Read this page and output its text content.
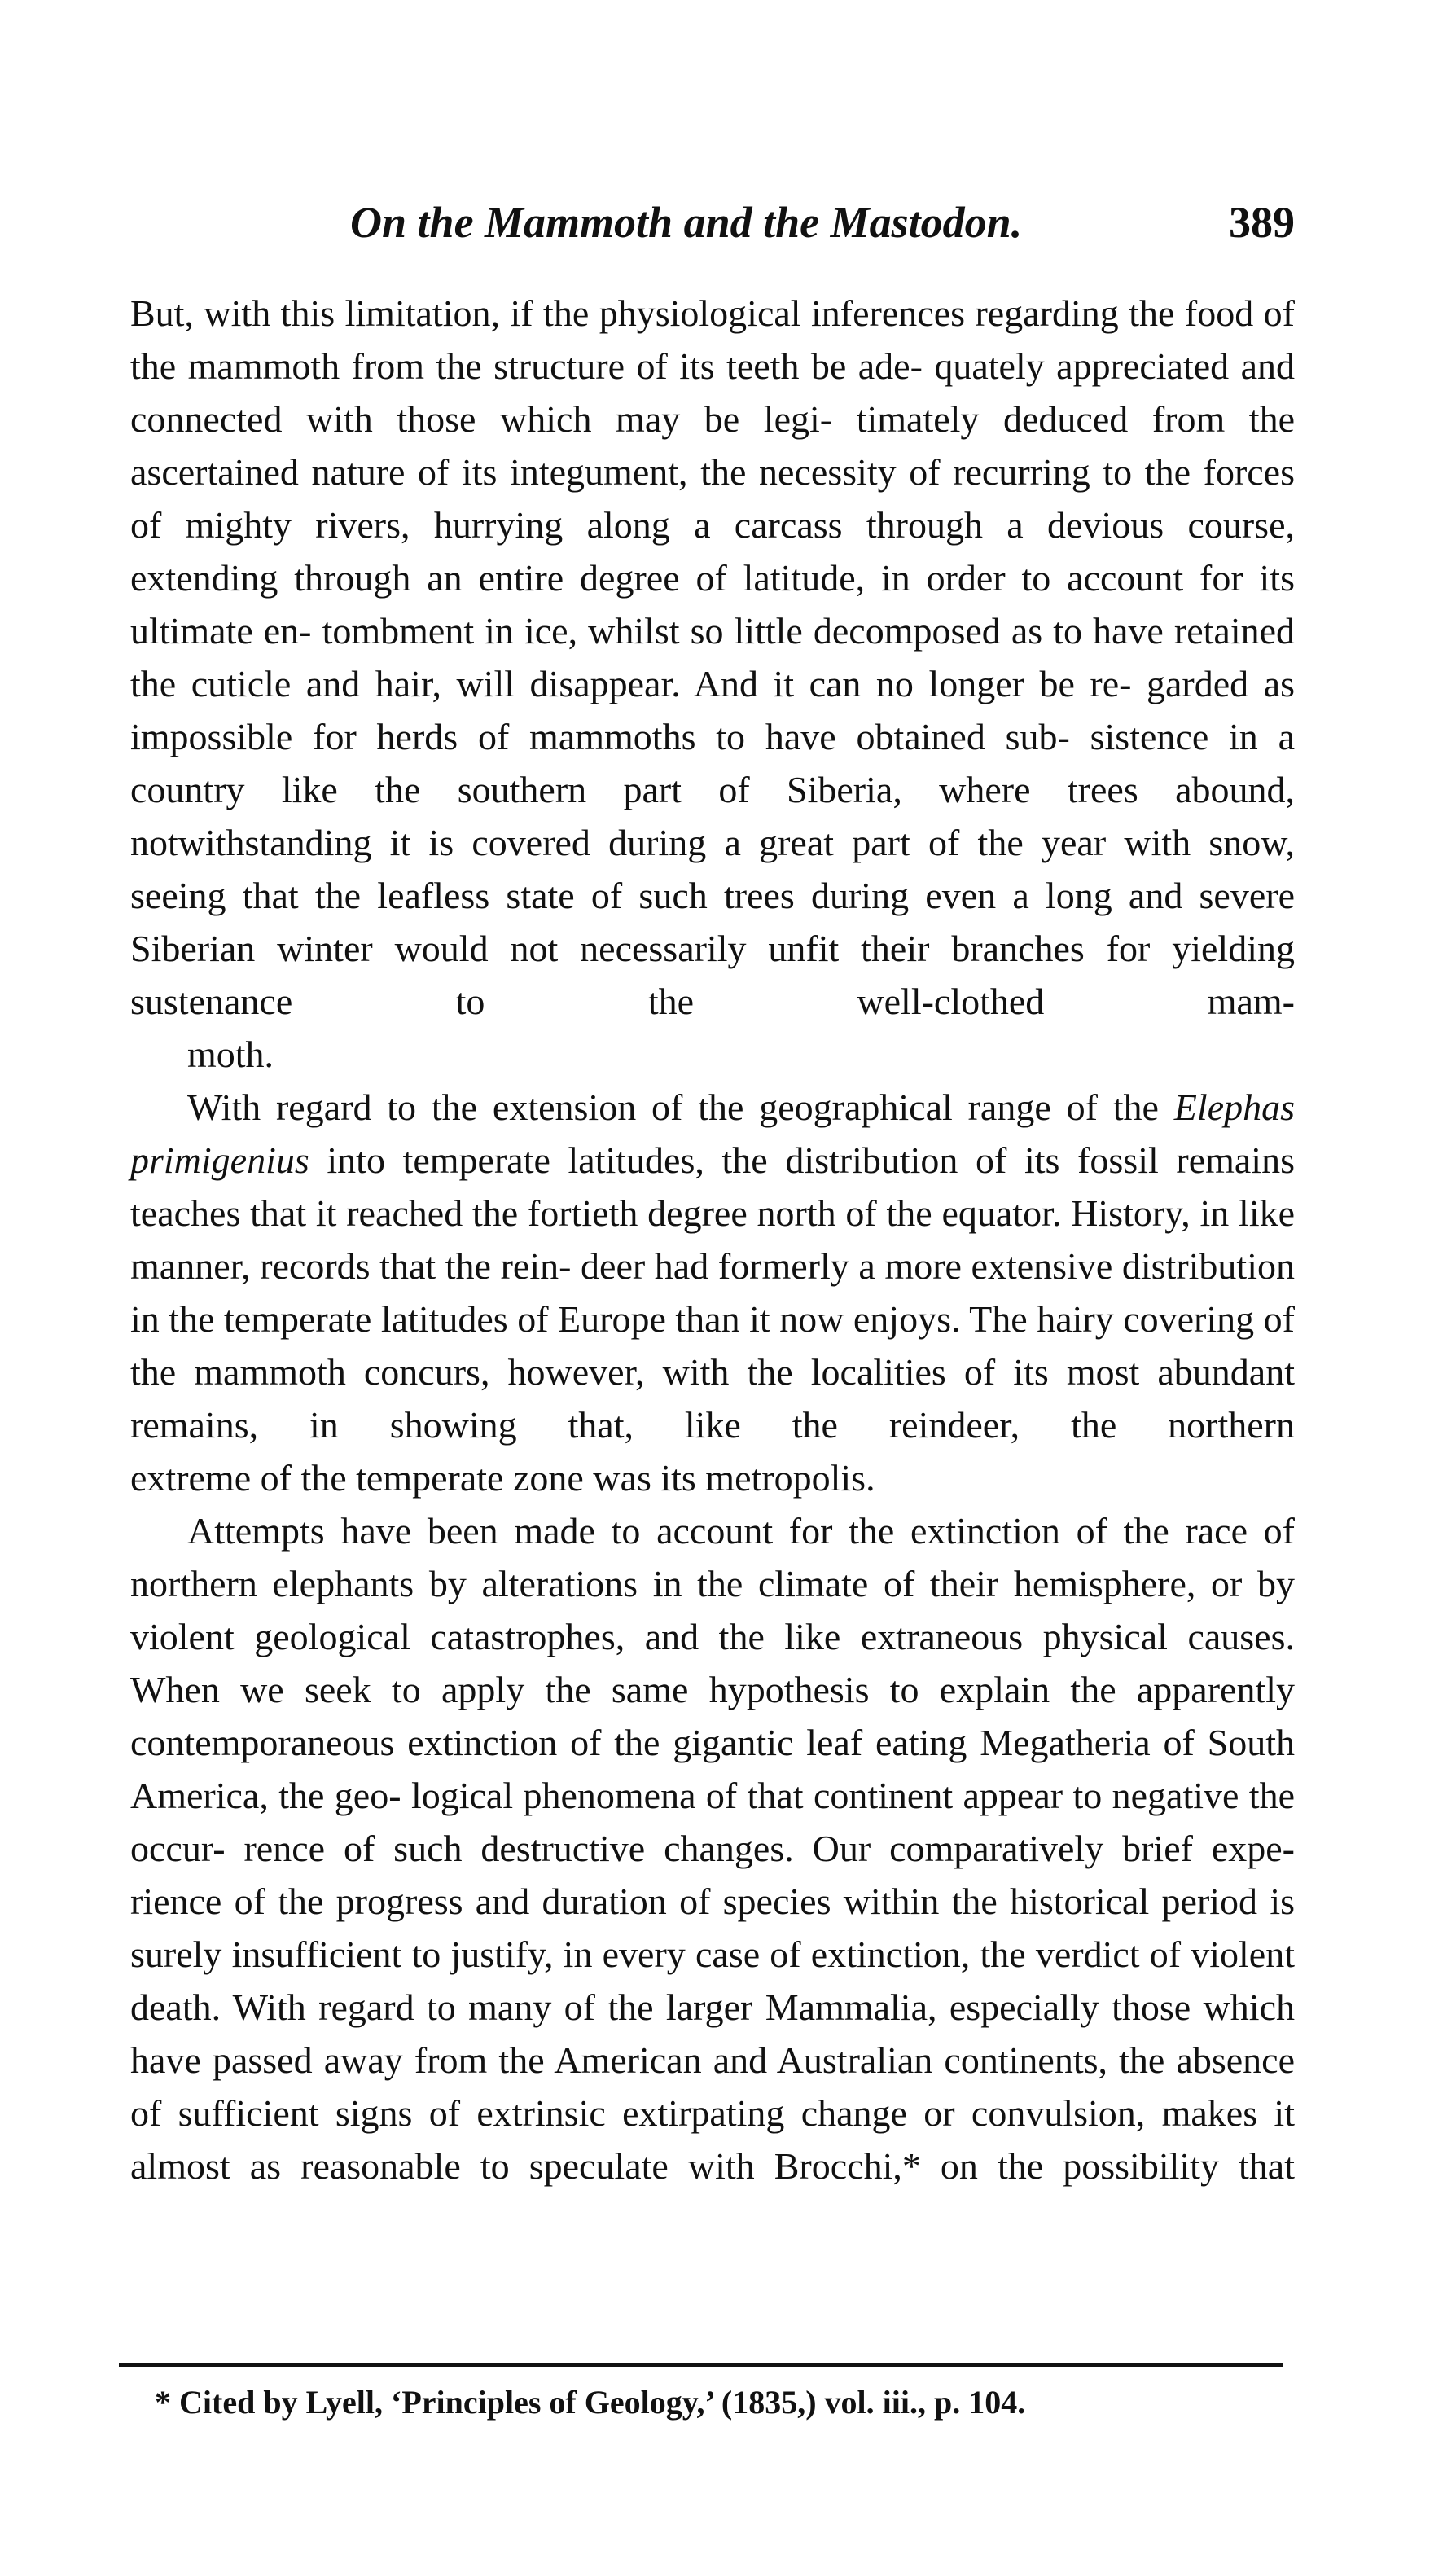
On the Mammoth and the Mastodon.	389

But, with this limitation, if the physiological inferences regarding the food of the mammoth from the structure of its teeth be ade- quately appreciated and connected with those which may be legi- timately deduced from the ascertained nature of its integument, the necessity of recurring to the forces of mighty rivers, hurrying along a carcass through a devious course, extending through an entire degree of latitude, in order to account for its ultimate en- tombment in ice, whilst so little decomposed as to have retained the cuticle and hair, will disappear. And it can no longer be re- garded as impossible for herds of mammoths to have obtained sub- sistence in a country like the southern part of Siberia, where trees abound, notwithstanding it is covered during a great part of the year with snow, seeing that the leafless state of such trees during even a long and severe Siberian winter would not necessarily unfit their branches for yielding sustenance to the well-clothed mam-

moth.

With regard to the extension of the geographical range of the Elephas primigenius into temperate latitudes, the distribution of its fossil remains teaches that it reached the fortieth degree north of the equator. History, in like manner, records that the rein- deer had formerly a more extensive distribution in the temperate latitudes of Europe than it now enjoys. The hairy covering of the mammoth concurs, however, with the localities of its most abundant remains, in showing that, like the reindeer, the northern

extreme of the temperate zone was its metropolis.

Attempts have been made to account for the extinction of the race of northern elephants by alterations in the climate of their hemisphere, or by violent geological catastrophes, and the like extraneous physical causes. When we seek to apply the same hypothesis to explain the apparently contemporaneous extinction of the gigantic leaf eating Megatheria of South America, the geo- logical phenomena of that continent appear to negative the occur- rence of such destructive changes. Our comparatively brief expe- rience of the progress and duration of species within the historical period is surely insufficient to justify, in every case of extinction, the verdict of violent death. With regard to many of the larger Mammalia, especially those which have passed away from the American and Australian continents, the absence of sufficient signs of extrinsic extirpating change or convulsion, makes it almost as reasonable to speculate with Brocchi,* on the possibility that

* Cited by Lyell, ‘Principles of Geology,’ (1835,) vol. iii., p. 104.
